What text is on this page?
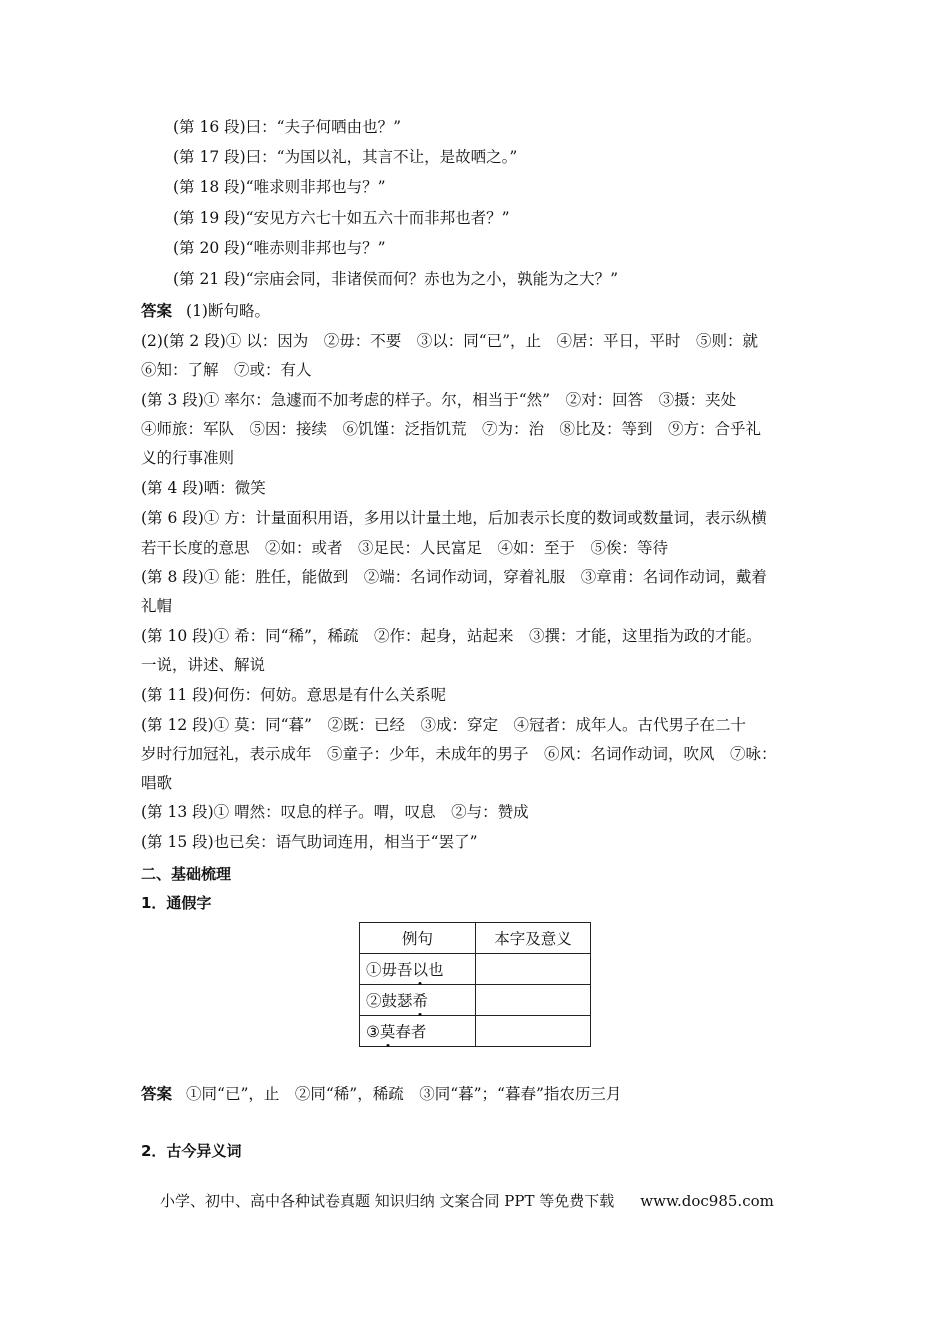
(第 16 段)曰：“夫子何哂由也？”
(第 17 段)曰：“为国以礼，其言不让，是故哂之。”
(第 18 段)“唯求则非邦也与？”
(第 19 段)“安见方六七十如五六十而非邦也者？”
(第 20 段)“唯赤则非邦也与？”
(第 21 段)“宗庙会同，非诸侯而何？赤也为之小，孰能为之大？”
答案 (1)断句略。
(2)(第 2 段)① 以：因为　②毋：不要　③以：同“已”，止　④居：平日，平时　⑤则：就
⑥知：了解　⑦或：有人
(第 3 段)① 率尔：急遽而不加考虑的样子。尔，相当于“然”　②对：回答　③摄：夹处
④师旅：军队　⑤因：接续　⑥饥馑：泛指饥荒　⑦为：治　⑧比及：等到　⑨方：合乎礼
义的行事准则
(第 4 段)哂：微笑
(第 6 段)① 方：计量面积用语，多用以计量土地，后加表示长度的数词或数量词，表示纵横
若干长度的意思　②如：或者　③足民：人民富足　④如：至于　⑤俟：等待
(第 8 段)① 能：胜任，能做到　②端：名词作动词，穿着礼服　③章甫：名词作动词，戴着
礼帽
(第 10 段)① 希：同“稀”，稀疏　②作：起身，站起来　③撰：才能，这里指为政的才能。
一说，讲述、解说
(第 11 段)何伤：何妨。意思是有什么关系呢
(第 12 段)① 莫：同“暮”　②既：已经　③成：穿定　④冠者：成年人。古代男子在二十
岁时行加冠礼，表示成年　⑤童子：少年，未成年的男子　⑥风：名词作动词，吹风　⑦咏：
唱歌
(第 13 段)① 喟然：叹息的样子。喟，叹息　②与：赞成
(第 15 段)也已矣：语气助词连用，相当于“罢了”
二、基础梳理
1．通假字
例句	本字及意义
①毋吾以也	
②鼓瑟希	
③莫春者	
答案 ①同“已”，止　②同“稀”，稀疏　③同“暮”；“暮春”指农历三月
2．古今异义词
小学、初中、高中各种试卷真题 知识归纳 文案合同 PPT 等免费下载 www.doc985.com
